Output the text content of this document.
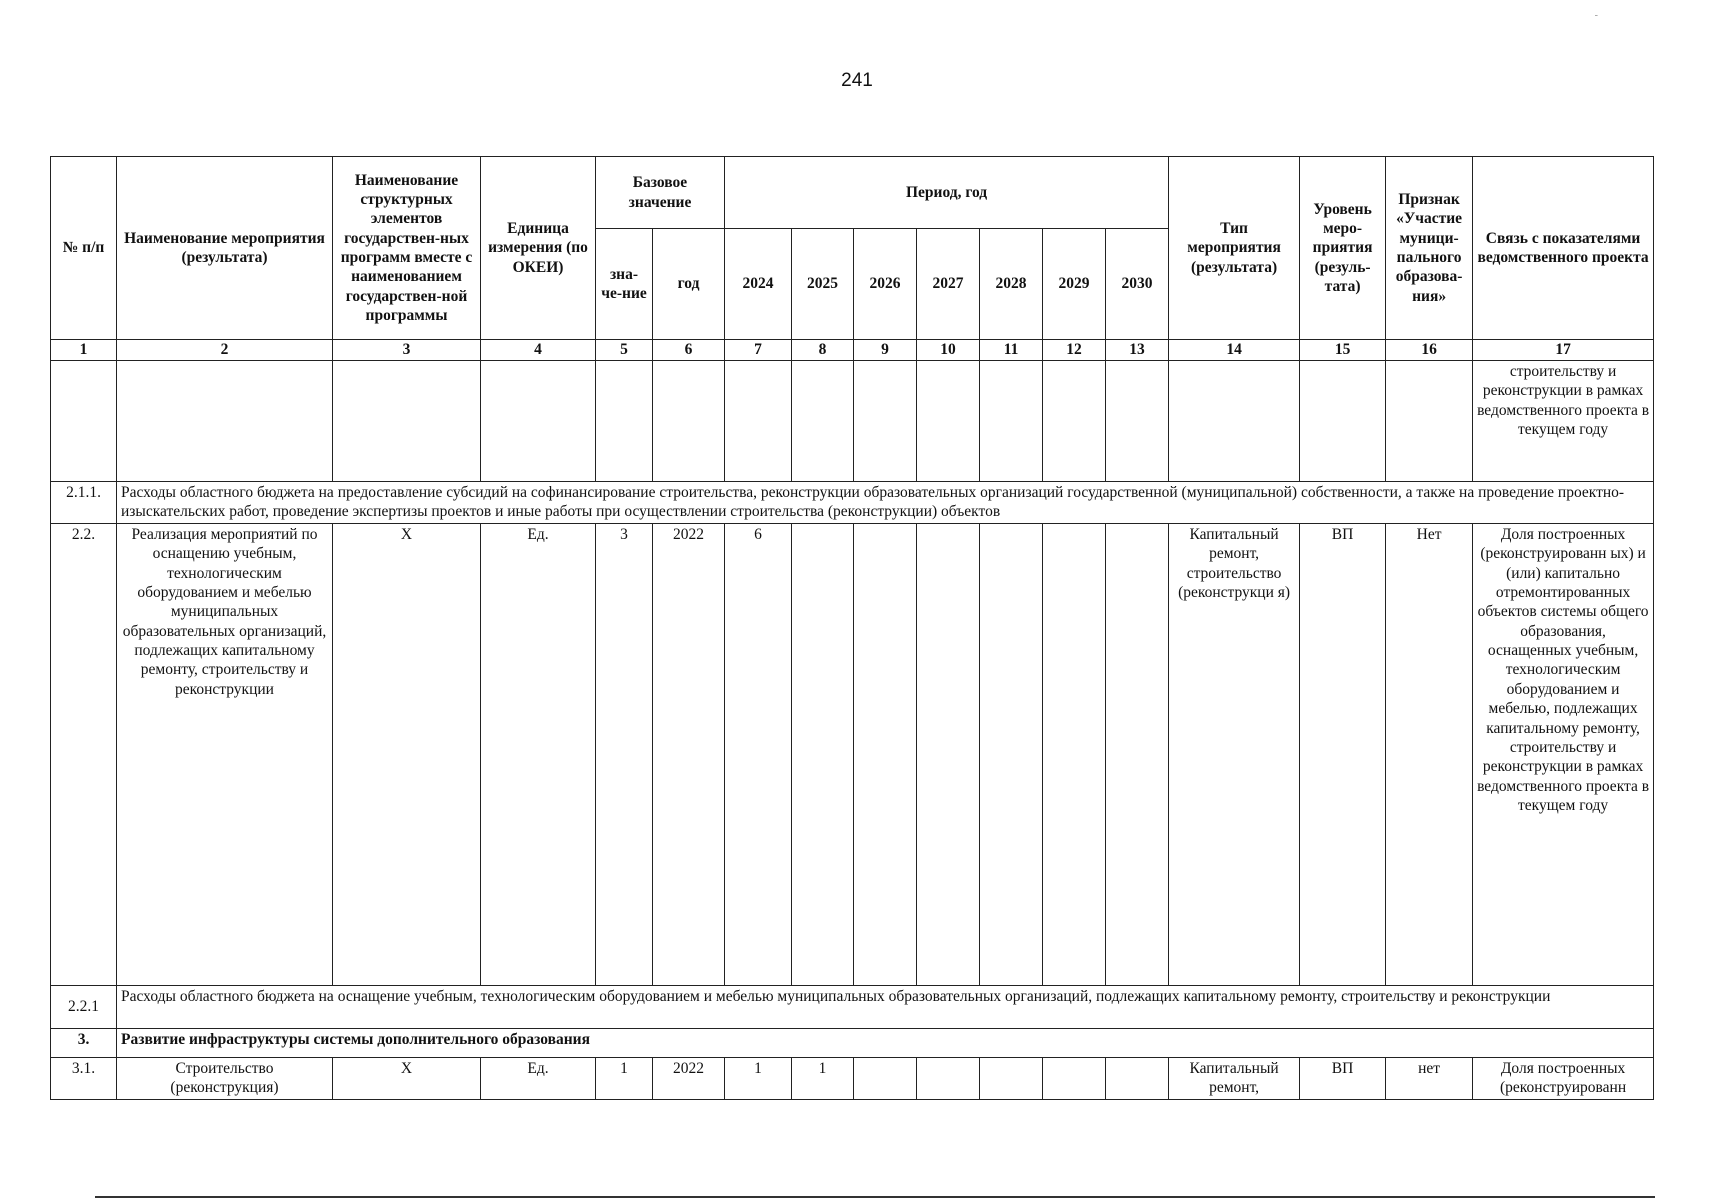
241
-
№ п/п	Наименование мероприятия (результата)	Наименование структурных элементов государствен-ных программ вместе с наименованием государствен-ной программы	Единица измерения (по ОКЕИ)	Базовое значение		Период, год							Тип мероприятия (результата)	Уровень меро-приятия (резуль-тата)	Признак «Участие муници-пального образова-ния»	Связь с показателями ведомственного проекта
				зна-че-ние	год	2024	2025	2026	2027	2028	2029	2030				
1	2	3	4	5	6	7	8	9	10	11	12	13	14	15	16	17
																строительству и реконструкции в рамках ведомственного проекта в текущем году
2.1.1.	Расходы областного бюджета на предоставление субсидий на софинансирование строительства, реконструкции образовательных организаций государственной (муниципальной) собственности, а также на проведение проектно-изыскательских работ, проведение экспертизы проектов и иные работы при осуществлении строительства (реконструкции) объектов															
2.2.	Реализация мероприятий по оснащению учебным, технологическим оборудованием и мебелью муниципальных образовательных организаций, подлежащих капитальному ремонту, строительству и реконструкции	Х	Ед.	3	2022	6							Капитальный ремонт, строительство (реконструкци я)	ВП	Нет	Доля построенных (реконструированн ых) и (или) капитально отремонтированных объектов системы общего образования, оснащенных учебным, технологическим оборудованием и мебелью, подлежащих капитальному ремонту, строительству и реконструкции в рамках ведомственного проекта в текущем году
2.2.1	Расходы областного бюджета на оснащение учебным, технологическим оборудованием и мебелью муниципальных образовательных организаций, подлежащих капитальному ремонту, строительству и реконструкции															
3.	Развитие инфраструктуры системы дополнительного образования															
3.1.	Строительство (реконструкция)	Х	Ед.	1	2022	1	1						Капитальный ремонт,	ВП	нет	Доля построенных (реконструированн
